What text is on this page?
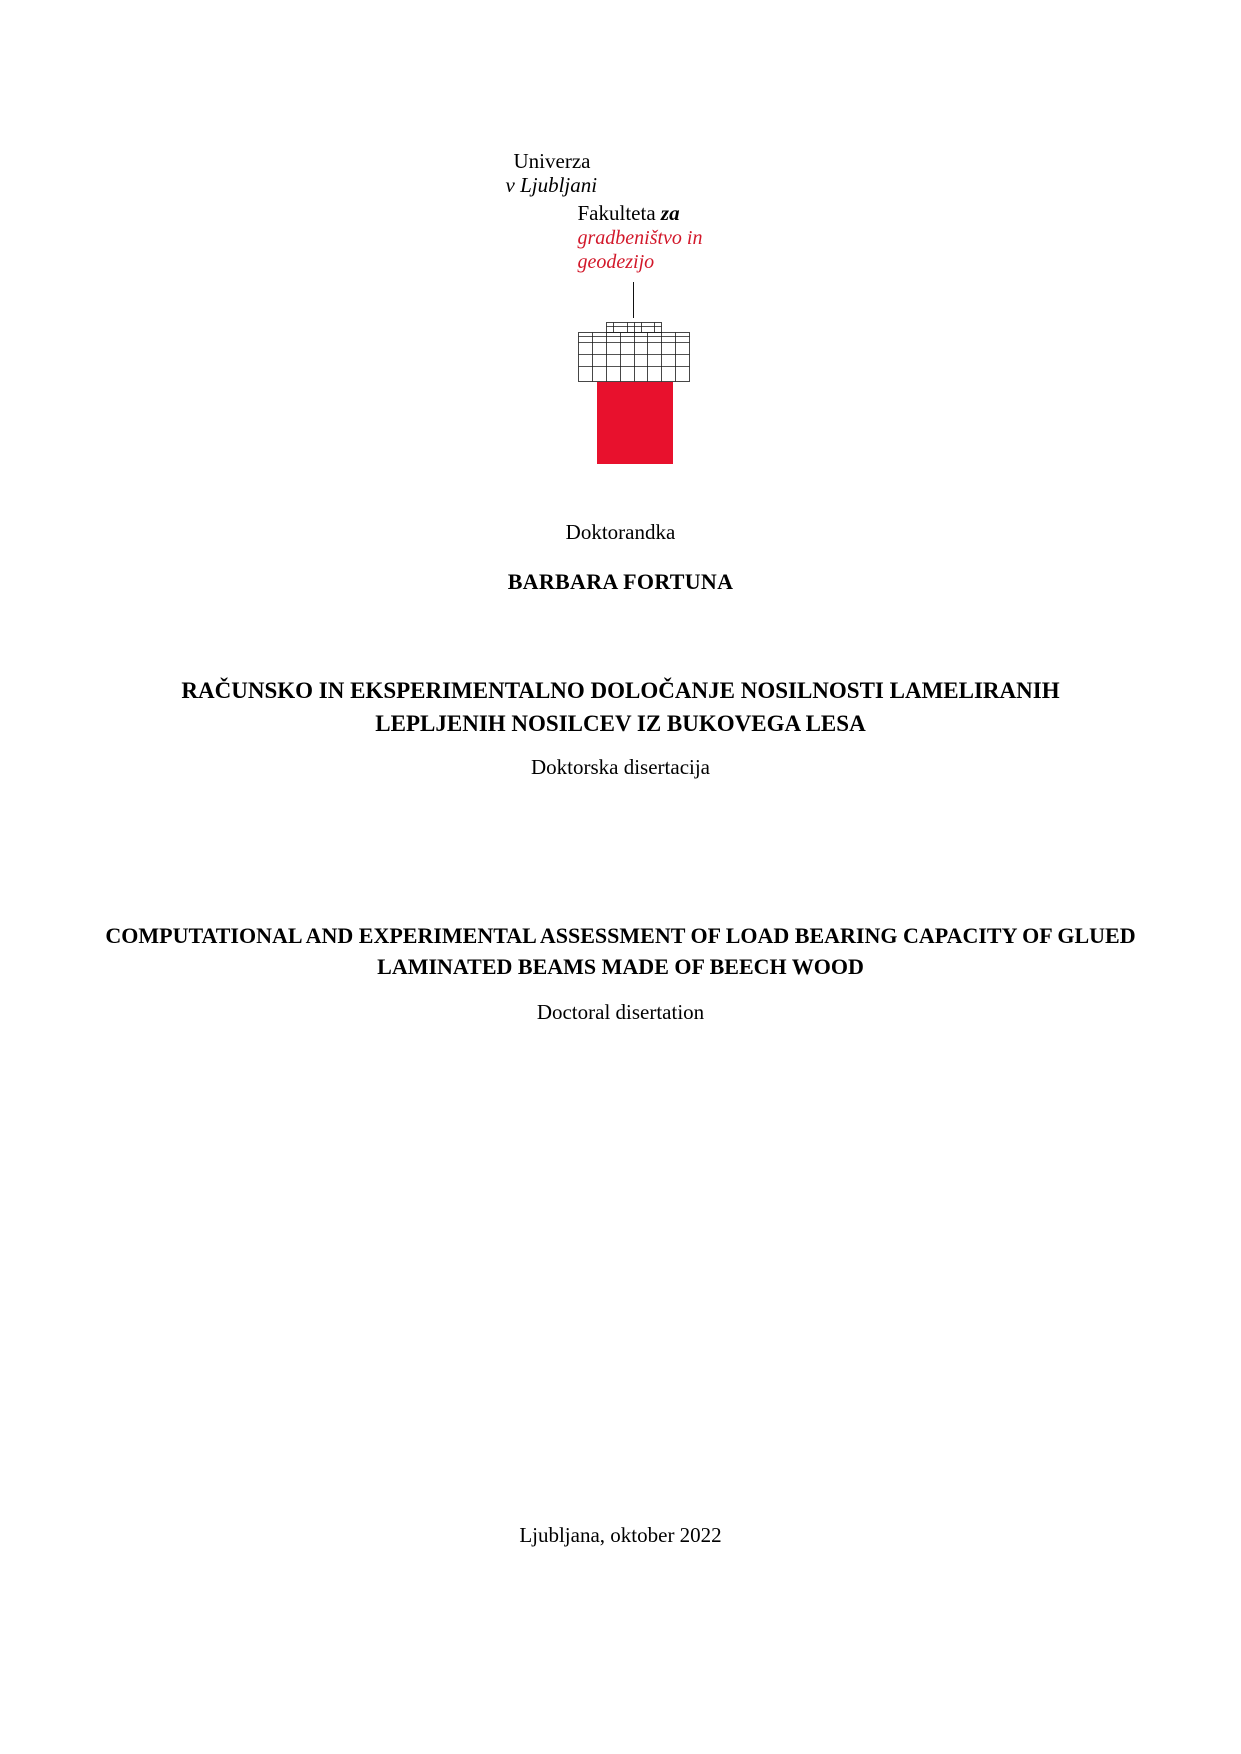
Univerza
v Ljubljani
Fakulteta za
gradbeništvo in
geodezijo
Doktorandka
BARBARA FORTUNA
RAČUNSKO IN EKSPERIMENTALNO DOLOČANJE NOSILNOSTI LAMELIRANIH LEPLJENIH NOSILCEV IZ BUKOVEGA LESA
Doktorska disertacija
COMPUTATIONAL AND EXPERIMENTAL ASSESSMENT OF LOAD BEARING CAPACITY OF GLUED LAMINATED BEAMS MADE OF BEECH WOOD
Doctoral disertation
Ljubljana, oktober 2022
